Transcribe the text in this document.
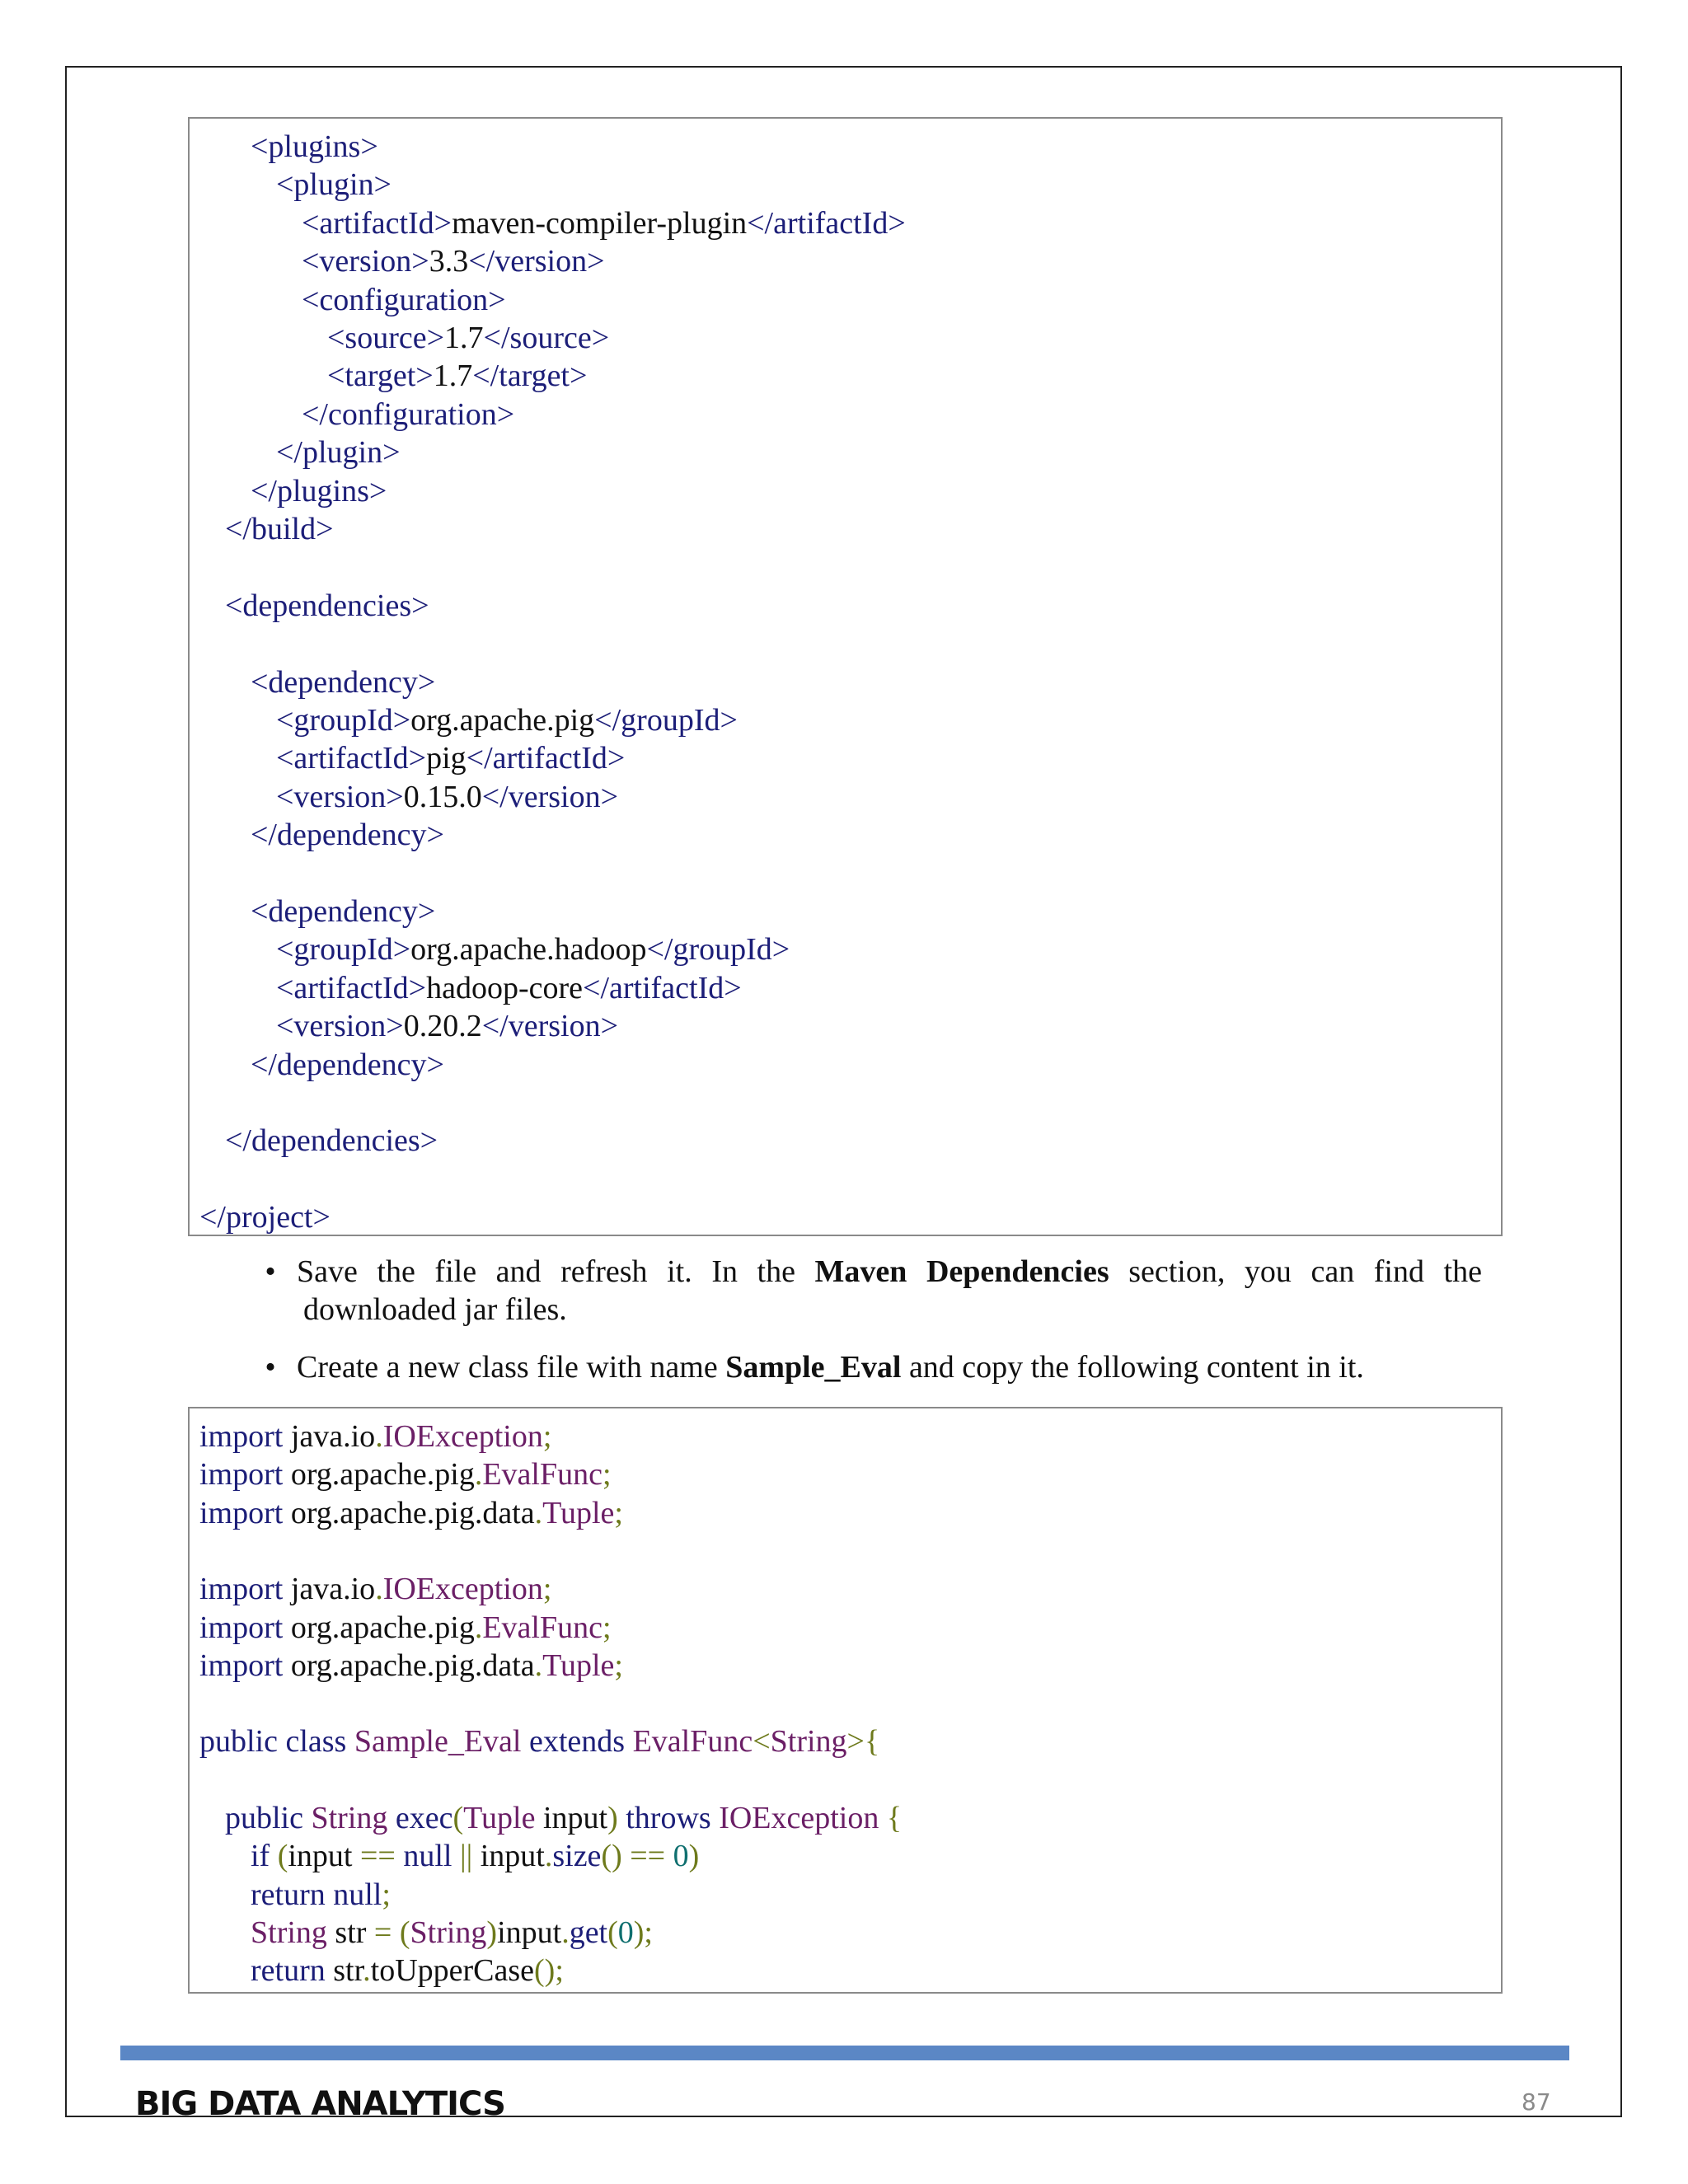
<plugins>
<plugin>
<artifactId>maven-compiler-plugin</artifactId>
<version>3.3</version>
<configuration>
<source>1.7</source>
<target>1.7</target>
</configuration>
</plugin>
</plugins>
</build>
<dependencies>
<dependency>
<groupId>org.apache.pig</groupId>
<artifactId>pig</artifactId>
<version>0.15.0</version>
</dependency>
<dependency>
<groupId>org.apache.hadoop</groupId>
<artifactId>hadoop-core</artifactId>
<version>0.20.2</version>
</dependency>
</dependencies>
</project>
• Save the file and refresh it. In the Maven Dependencies section, you can find the
downloaded jar files.
• Create a new class file with name Sample_Eval and copy the following content in it.
import java.io.IOException;
import org.apache.pig.EvalFunc;
import org.apache.pig.data.Tuple;
import java.io.IOException;
import org.apache.pig.EvalFunc;
import org.apache.pig.data.Tuple;
public class Sample_Eval extends EvalFunc<String>{
public String exec(Tuple input) throws IOException {
if (input == null || input.size() == 0)
return null;
String str = (String)input.get(0);
return str.toUpperCase();
BIG DATA ANALYTICS	87
